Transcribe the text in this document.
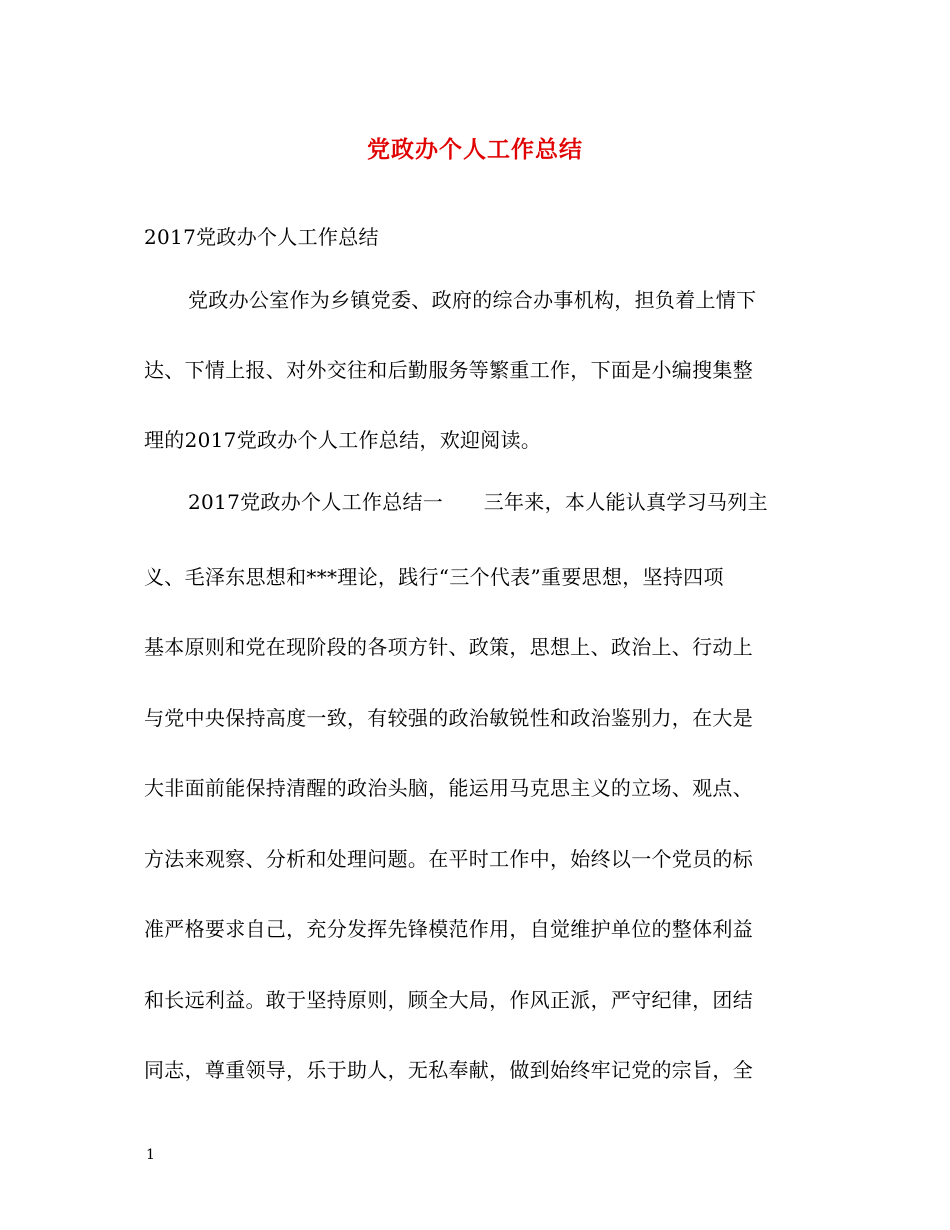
党政办个人工作总结
2017党政办个人工作总结
党政办公室作为乡镇党委、政府的综合办事机构，担负着上情下
达、下情上报、对外交往和后勤服务等繁重工作，下面是小编搜集整
理的2017党政办个人工作总结，欢迎阅读。
2017党政办个人工作总结一　　三年来，本人能认真学习马列主
义、毛泽东思想和***理论，践行“三个代表”重要思想，坚持四项
基本原则和党在现阶段的各项方针、政策，思想上、政治上、行动上
与党中央保持高度一致，有较强的政治敏锐性和政治鉴别力，在大是
大非面前能保持清醒的政治头脑，能运用马克思主义的立场、观点、
方法来观察、分析和处理问题。在平时工作中，始终以一个党员的标
准严格要求自己，充分发挥先锋模范作用，自觉维护单位的整体利益
和长远利益。敢于坚持原则，顾全大局，作风正派，严守纪律，团结
同志，尊重领导，乐于助人，无私奉献，做到始终牢记党的宗旨，全
1
